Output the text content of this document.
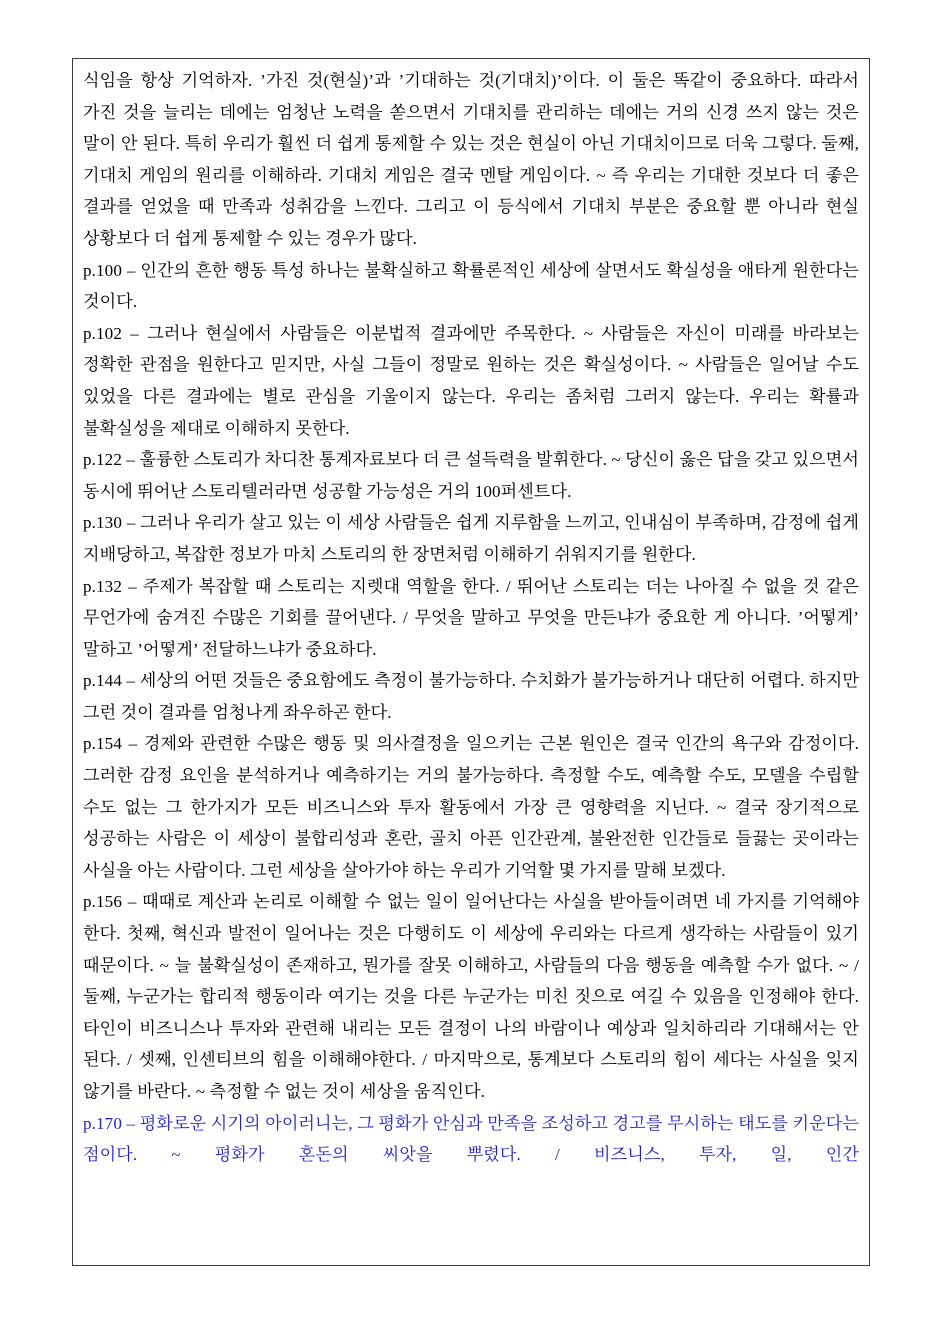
식임을 항상 기억하자. ’가진 것(현실)’과 ’기대하는 것(기대치)’이다. 이 둘은 똑같이 중요하다. 따라서 가진 것을 늘리는 데에는 엄청난 노력을 쏟으면서 기대치를 관리하는 데에는 거의 신경 쓰지 않는 것은 말이 안 된다. 특히 우리가 훨씬 더 쉽게 통제할 수 있는 것은 현실이 아닌 기대치이므로 더욱 그렇다. 둘째, 기대치 게임의 원리를 이해하라. 기대치 게임은 결국 멘탈 게임이다. ~ 즉 우리는 기대한 것보다 더 좋은 결과를 얻었을 때 만족과 성취감을 느낀다. 그리고 이 등식에서 기대치 부분은 중요할 뿐 아니라 현실 상황보다 더 쉽게 통제할 수 있는 경우가 많다.

p.100 – 인간의 흔한 행동 특성 하나는 불확실하고 확률론적인 세상에 살면서도 확실성을 애타게 원한다는 것이다.

p.102 – 그러나 현실에서 사람들은 이분법적 결과에만 주목한다. ~ 사람들은 자신이 미래를 바라보는 정확한 관점을 원한다고 믿지만, 사실 그들이 정말로 원하는 것은 확실성이다. ~ 사람들은 일어날 수도 있었을 다른 결과에는 별로 관심을 기울이지 않는다. 우리는 좀처럼 그러지 않는다. 우리는 확률과 불확실성을 제대로 이해하지 못한다.

p.122 – 훌륭한 스토리가 차디찬 통계자료보다 더 큰 설득력을 발휘한다. ~ 당신이 옳은 답을 갖고 있으면서 동시에 뛰어난 스토리텔러라면 성공할 가능성은 거의 100퍼센트다.

p.130 – 그러나 우리가 살고 있는 이 세상 사람들은 쉽게 지루함을 느끼고, 인내심이 부족하며, 감정에 쉽게 지배당하고, 복잡한 정보가 마치 스토리의 한 장면처럼 이해하기 쉬워지기를 원한다.

p.132 – 주제가 복잡할 때 스토리는 지렛대 역할을 한다. / 뛰어난 스토리는 더는 나아질 수 없을 것 같은 무언가에 숨겨진 수많은 기회를 끌어낸다. / 무엇을 말하고 무엇을 만든냐가 중요한 게 아니다. ’어떻게’ 말하고 ’어떻게’ 전달하느냐가 중요하다.

p.144 – 세상의 어떤 것들은 중요함에도 측정이 불가능하다. 수치화가 불가능하거나 대단히 어렵다. 하지만 그런 것이 결과를 엄청나게 좌우하곤 한다.

p.154 – 경제와 관련한 수많은 행동 및 의사결정을 일으키는 근본 원인은 결국 인간의 욕구와 감정이다. 그러한 감정 요인을 분석하거나 예측하기는 거의 불가능하다. 측정할 수도, 예측할 수도, 모델을 수립할 수도 없는 그 한가지가 모든 비즈니스와 투자 활동에서 가장 큰 영향력을 지닌다. ~ 결국 장기적으로 성공하는 사람은 이 세상이 불합리성과 혼란, 골치 아픈 인간관계, 불완전한 인간들로 들끓는 곳이라는 사실을 아는 사람이다. 그런 세상을 살아가야 하는 우리가 기억할 몇 가지를 말해 보겠다.

p.156 – 때때로 계산과 논리로 이해할 수 없는 일이 일어난다는 사실을 받아들이려면 네 가지를 기억해야 한다. 첫째, 혁신과 발전이 일어나는 것은 다행히도 이 세상에 우리와는 다르게 생각하는 사람들이 있기 때문이다. ~ 늘 불확실성이 존재하고, 뭔가를 잘못 이해하고, 사람들의 다음 행동을 예측할 수가 없다. ~ / 둘째, 누군가는 합리적 행동이라 여기는 것을 다른 누군가는 미친 짓으로 여길 수 있음을 인정해야 한다. 타인이 비즈니스나 투자와 관련해 내리는 모든 결정이 나의 바람이나 예상과 일치하리라 기대해서는 안 된다. / 셋째, 인센티브의 힘을 이해해야한다. / 마지막으로, 통계보다 스토리의 힘이 세다는 사실을 잊지 않기를 바란다. ~ 측정할 수 없는 것이 세상을 움직인다.

p.170 – 평화로운 시기의 아이러니는, 그 평화가 안심과 만족을 조성하고 경고를 무시하는 태도를 키운다는 점이다. ~ 평화가 혼돈의 씨앗을 뿌렸다. / 비즈니스, 투자, 일, 인간
